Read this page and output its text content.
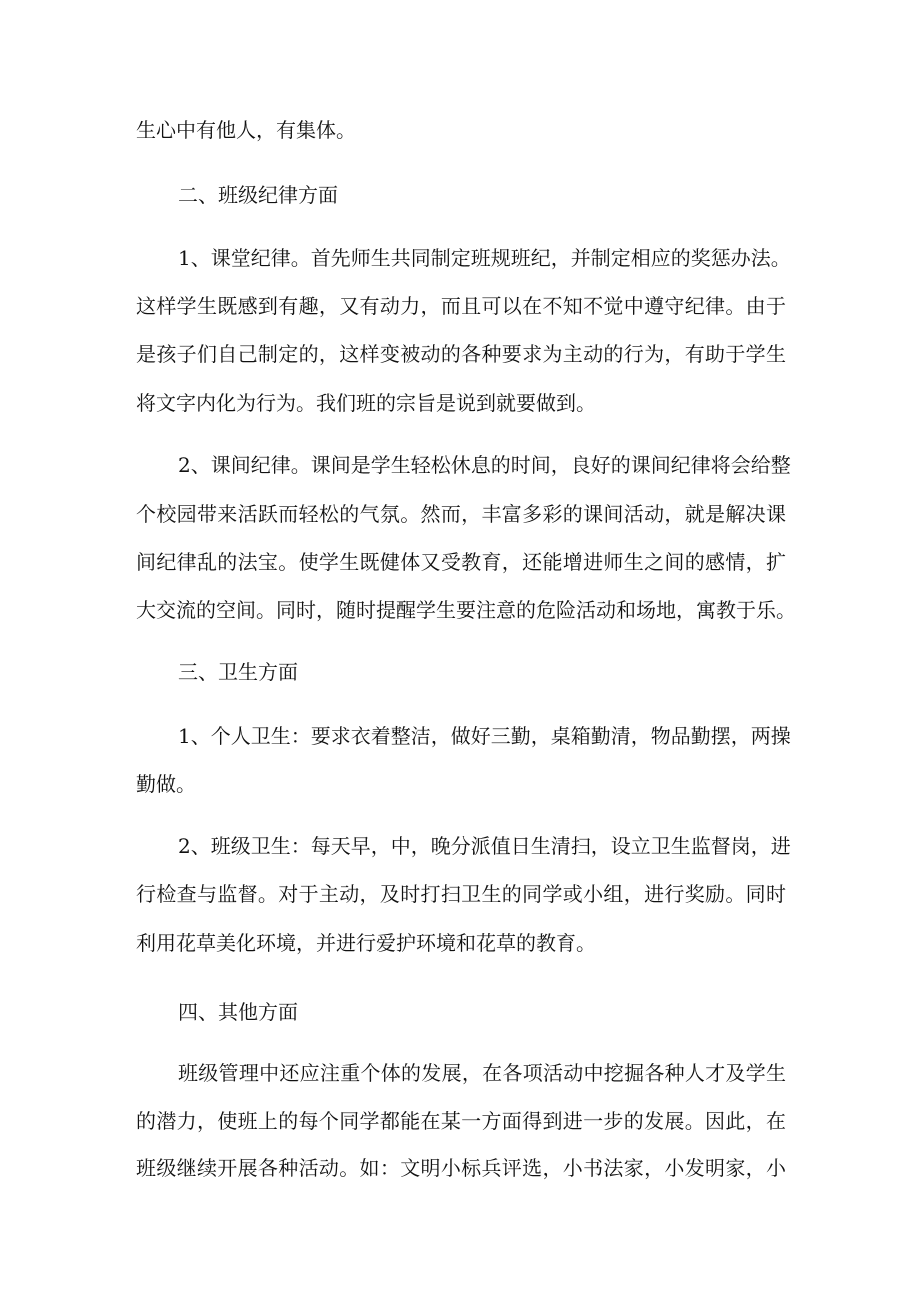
生心中有他人，有集体。
二、班级纪律方面
1、课堂纪律。首先师生共同制定班规班纪，并制定相应的奖惩办法。
这样学生既感到有趣，又有动力，而且可以在不知不觉中遵守纪律。由于
是孩子们自己制定的，这样变被动的各种要求为主动的行为，有助于学生
将文字内化为行为。我们班的宗旨是说到就要做到。
2、课间纪律。课间是学生轻松休息的时间，良好的课间纪律将会给整
个校园带来活跃而轻松的气氛。然而，丰富多彩的课间活动，就是解决课
间纪律乱的法宝。使学生既健体又受教育，还能增进师生之间的感情，扩
大交流的空间。同时，随时提醒学生要注意的危险活动和场地，寓教于乐。
三、卫生方面
1、个人卫生：要求衣着整洁，做好三勤，桌箱勤清，物品勤摆，两操
勤做。
2、班级卫生：每天早，中，晚分派值日生清扫，设立卫生监督岗，进
行检查与监督。对于主动，及时打扫卫生的同学或小组，进行奖励。同时
利用花草美化环境，并进行爱护环境和花草的教育。
四、其他方面
班级管理中还应注重个体的发展，在各项活动中挖掘各种人才及学生
的潜力，使班上的每个同学都能在某一方面得到进一步的发展。因此，在
班级继续开展各种活动。如：文明小标兵评选，小书法家，小发明家，小
